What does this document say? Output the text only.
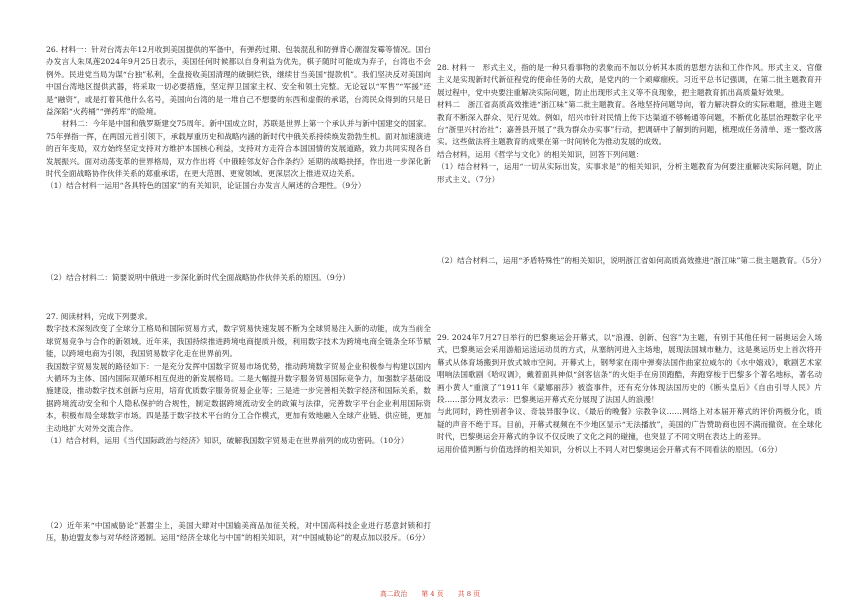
26. 材料一：针对台湾去年12月收到美国提供的军备中，有弹药过期、包装混乱和防弹背心潮湿发霉等情况。国台办发言人朱凤莲2024年9月25日表示，美国任何时候都以自身利益为优先，棋子随时可能成为弃子，台湾也不会例外。民进党当局为谋“台独”私利，全盘接收美国清理的破铜烂铁，继续甘当美国“提款机”。我们坚决反对美国向中国台湾地区提供武器，将采取一切必要措施，坚定捍卫国家主权、安全和领土完整。无论冠以“军售”“军援”还是“融资”，或是打着其他什么名号，美国向台湾的是一堆自己不想要的东西和虚假的承诺，台湾民众得到的只是日益深陷“火药桶”“弹药库”的险境。

材料二：今年是中国和俄罗斯建交75周年。新中国成立时，苏联是世界上第一个承认并与新中国建交的国家。75年弹指一挥，在两国元首引领下，承载厚重历史和战略内涵的新时代中俄关系持续焕发勃勃生机。面对加速演进的百年变局，双方始终坚定支持对方维护本国核心利益，支持对方走符合本国国情的发展道路，致力共同实现各自发展振兴。面对动荡变革的世界格局，双方作出将《中俄睦邻友好合作条约》延期的战略抉择，作出进一步深化新时代全面战略协作伙伴关系的郑重承诺，在更大范围、更宽领域、更深层次上推进双边关系。

（1）结合材料一运用“各具特色的国家”的有关知识，论证国台办发言人阐述的合理性。（9分）

（2）结合材料二：简要说明中俄进一步深化新时代全面战略协作伙伴关系的原因。（9分）

27. 阅读材料，完成下列要求。

数字技术深刻改变了全球分工格局和国际贸易方式，数字贸易快速发展不断为全球贸易注入新的动能，成为当前全球贸易竞争与合作的新领域。近年来，我国持续推进跨境电商提质升级，利用数字技术为跨境电商全链条全环节赋能，以跨境电商为引领，我国贸易数字化走在世界前列。

我国数字贸易发展的路径如下：一是充分发挥中国数字贸易市场优势，推动跨境数字贸易企业积极参与构建以国内大循环为主体、国内国际双循环相互促进的新发展格局。二是大幅提升数字服务贸易国际竞争力，加强数字基础设施建设，推动数字技术创新与应用，培育优质数字服务贸易企业等；三是进一步完善相关数字经济和国际关系，数据跨境流动安全和个人隐私保护的合规性，制定数据跨境流动安全的政策与法律，完善数字平台企业利用国际资本，积极布局全球数字市场。四是基于数字技术平台的分工合作模式，更加有效地融入全球产业链、供应链，更加主动地扩大对外交流合作。

（1）结合材料，运用《当代国际政治与经济》知识，破解我国数字贸易走在世界前列的成功密码。（10分）

（2）近年来“中国威胁论”甚嚣尘上，美国大肆对中国输美商品加征关税，对中国高科技企业进行恶意封锁和打压，胁迫盟友参与对华经济遏制。运用“经济全球化与中国”的相关知识，对“中国威胁论”的观点加以驳斥。（6分）

28. 材料一　形式主义，指的是一种只看事物的表象而不加以分析其本质的思想方法和工作作风。形式主义、官僚主义是实现新时代新征程党的使命任务的大敌，是党内的一个顽瘴痼疾。习近平总书记强调，在第二批主题教育开展过程中，党中央要注重解决实际问题，防止出现形式主义等不良现象，把主题教育抓出高质量好效果。

材料二　浙江省高质高效推进“浙江味”第二批主题教育。各地坚持问题导向，着力解决群众的实际难题，推进主题教育不断深入群众、见行见效。例如，绍兴市针对民情上传下达渠道不够畅通等问题，不断优化基层治理数字化平台“浙里兴村治社”；嘉善县开展了“我为群众办实事”行动，把调研中了解到的问题，梳理成任务清单、逐一整改落实。这些做法将主题教育的成果在第一时间转化为推动发展的成效。

结合材料，运用《哲学与文化》的相关知识，回答下列问题：

（1）结合材料一，运用“一切从实际出发，实事求是”的相关知识，分析主题教育为何要注重解决实际问题，防止形式主义。（7分）

（2）结合材料二，运用“矛盾特殊性”的相关知识，说明浙江省如何高质高效推进“浙江味”第二批主题教育。（5分）

29. 2024年7月27日举行的巴黎奥运会开幕式，以“浪漫、创新、包容”为主题，有别于其他任何一届奥运会入场式，巴黎奥运会采用游船运送运动员的方式，从塞纳河进入主场地，展现法国城市魅力，这是奥运历史上首次将开幕式从体育场搬到开放式城市空间。开幕式上，钢琴家在雨中弹奏法国作曲家拉威尔的《水中嬉戏》，歌剧艺术家唱响法国歌剧《哈叹调》，戴着面具神似“剑客信条”的火炬手在房顶跑酷，奔跑穿梭于巴黎多个著名地标，著名动画小黄人“重演了”1911年《蒙娜丽莎》被盗事件，还有充分体现法国历史的《断头皇后》《自由引导人民》片段……部分网友表示：巴黎奥运开幕式充分展现了法国人的浪漫！

与此同时，跨性别者争议、奇装异服争议、《最后的晚餐》宗教争议……网络上对本届开幕式的评价两极分化，质疑的声音不绝于耳。目前，开幕式视频在不少地区显示“无法播放”，美国的广告赞助商也因不满而撤资。在全球化时代，巴黎奥运会开幕式的争议不仅反映了文化之间的碰撞，也突显了不同文明在表达上的差异。

运用价值判断与价值选择的相关知识，分析以上不同人对巴黎奥运会开幕式有不同看法的原因。（6分）

高二政治 第 4 页 共 8 页
